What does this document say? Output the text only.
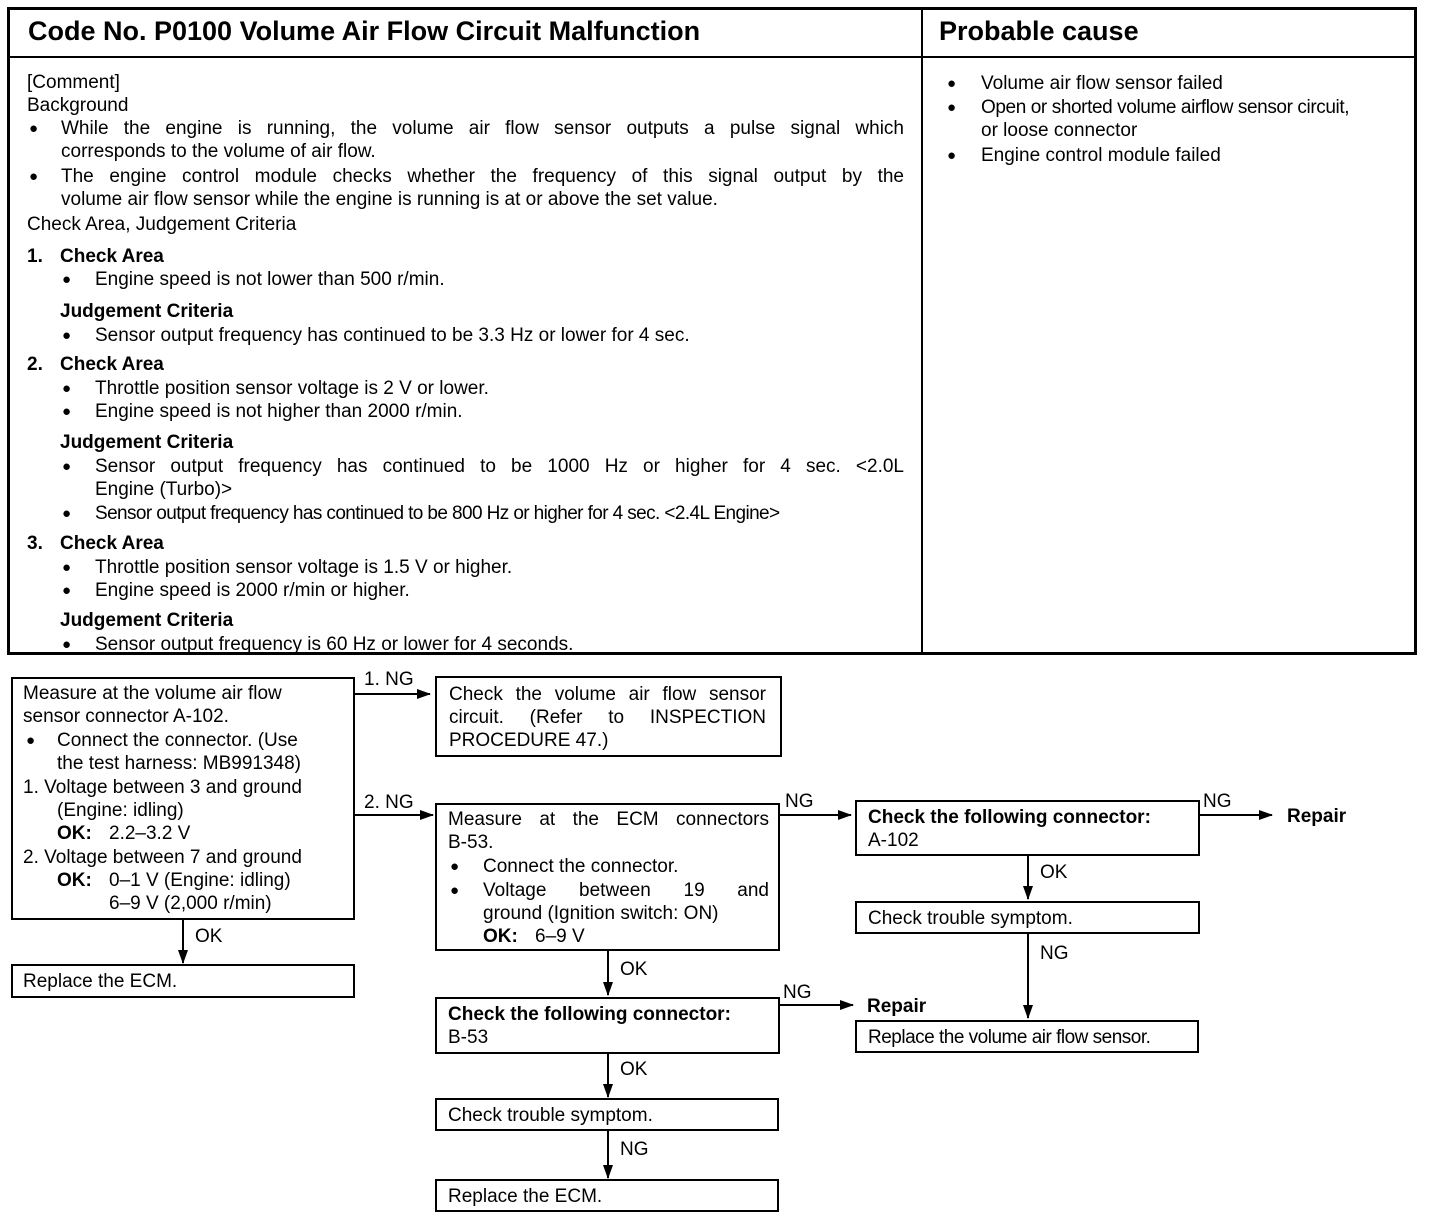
Code No. P0100 Volume Air Flow Circuit Malfunction	Probable cause
[Comment]
Background
● While the engine is running, the volume air flow sensor outputs a pulse signal which
corresponds to the volume of air flow.
● The engine control module checks whether the frequency of this signal output by the
volume air flow sensor while the engine is running is at or above the set value.
Check Area, Judgement Criteria
1. Check Area
● Engine speed is not lower than 500 r/min.
Judgement Criteria
● Sensor output frequency has continued to be 3.3 Hz or lower for 4 sec.
2. Check Area
● Throttle position sensor voltage is 2 V or lower.
● Engine speed is not higher than 2000 r/min.
Judgement Criteria
● Sensor output frequency has continued to be 1000 Hz or higher for 4 sec. <2.0L
Engine (Turbo)>
● Sensor output frequency has continued to be 800 Hz or higher for 4 sec. <2.4L Engine>
3. Check Area
● Throttle position sensor voltage is 1.5 V or higher.
● Engine speed is 2000 r/min or higher.
Judgement Criteria
● Sensor output frequency is 60 Hz or lower for 4 seconds.
● Volume air flow sensor failed
● Open or shorted volume airflow sensor circuit,
or loose connector
● Engine control module failed
Measure at the volume air flow
sensor connector A-102.
● Connect the connector. (Use
the test harness: MB991348)
1. Voltage between 3 and ground
(Engine: idling)
OK: 2.2–3.2 V
2. Voltage between 7 and ground
OK: 0–1 V (Engine: idling)
6–9 V (2,000 r/min)
1. NG
2. NG
Check the volume air flow sensor
circuit. (Refer to INSPECTION
PROCEDURE 47.)
OK
Replace the ECM.
Measure at the ECM connectors
B-53.
● Connect the connector.
● Voltage between 19 and
ground (Ignition switch: ON)
OK: 6–9 V
NG
Check the following connector:
A-102
NG
Repair
OK
Check trouble symptom.
NG
OK
Check the following connector:
B-53
NG
Repair
Replace the volume air flow sensor.
OK
Check trouble symptom.
NG
Replace the ECM.
